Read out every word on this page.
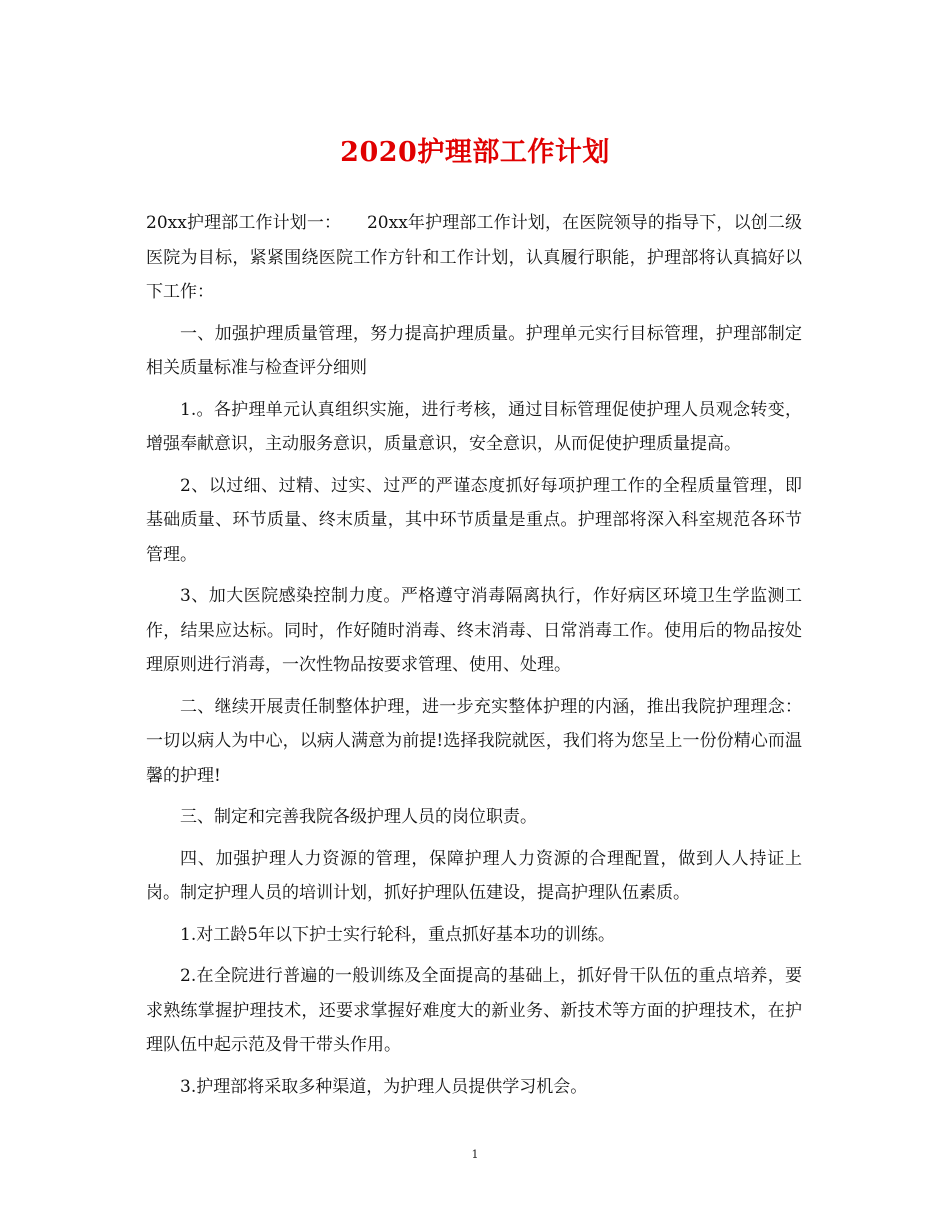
2020护理部工作计划

20xx护理部工作计划一：　　20xx年护理部工作计划，在医院领导的指导下，以创二级医院为目标，紧紧围绕医院工作方针和工作计划，认真履行职能，护理部将认真搞好以下工作：

一、加强护理质量管理，努力提高护理质量。护理单元实行目标管理，护理部制定相关质量标准与检查评分细则

1.。各护理单元认真组织实施，进行考核，通过目标管理促使护理人员观念转变，增强奉献意识，主动服务意识，质量意识，安全意识，从而促使护理质量提高。

2、以过细、过精、过实、过严的严谨态度抓好每项护理工作的全程质量管理，即基础质量、环节质量、终末质量，其中环节质量是重点。护理部将深入科室规范各环节管理。

3、加大医院感染控制力度。严格遵守消毒隔离执行，作好病区环境卫生学监测工作，结果应达标。同时，作好随时消毒、终末消毒、日常消毒工作。使用后的物品按处理原则进行消毒，一次性物品按要求管理、使用、处理。

二、继续开展责任制整体护理，进一步充实整体护理的内涵，推出我院护理理念：一切以病人为中心，以病人满意为前提!选择我院就医，我们将为您呈上一份份精心而温馨的护理!

三、制定和完善我院各级护理人员的岗位职责。

四、加强护理人力资源的管理，保障护理人力资源的合理配置，做到人人持证上岗。制定护理人员的培训计划，抓好护理队伍建设，提高护理队伍素质。

1.对工龄5年以下护士实行轮科，重点抓好基本功的训练。

2.在全院进行普遍的一般训练及全面提高的基础上，抓好骨干队伍的重点培养，要求熟练掌握护理技术，还要求掌握好难度大的新业务、新技术等方面的护理技术，在护理队伍中起示范及骨干带头作用。

3.护理部将采取多种渠道，为护理人员提供学习机会。

1
